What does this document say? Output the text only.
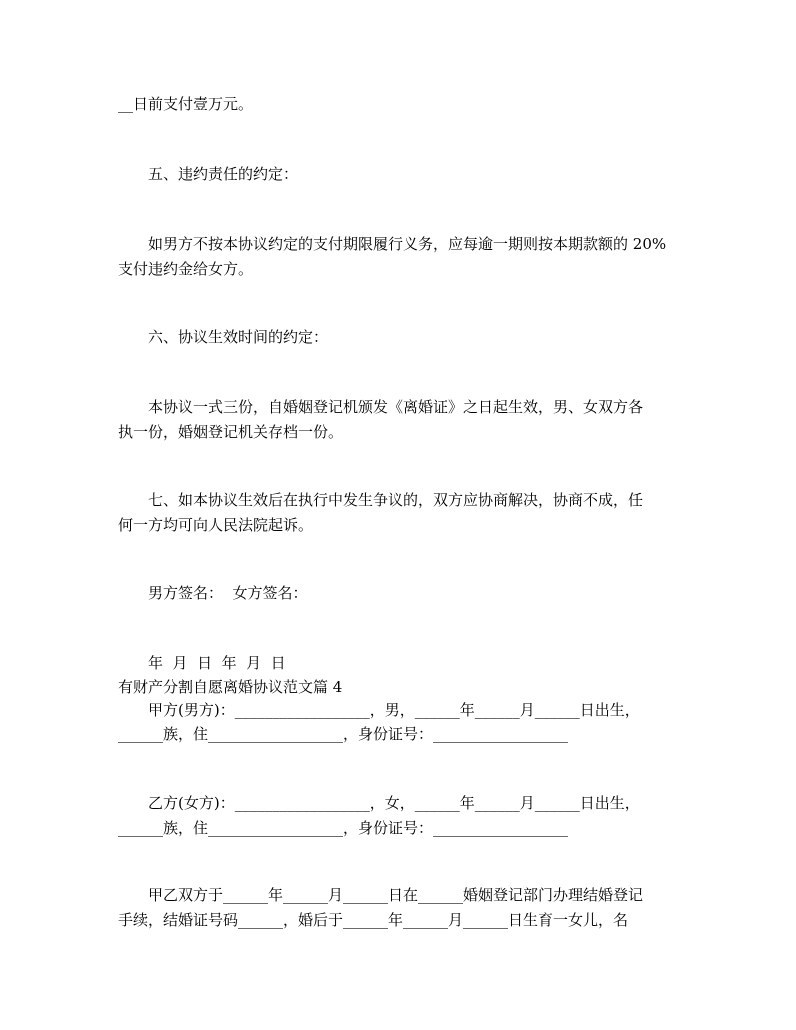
__日前支付壹万元。
五、违约责任的约定：
如男方不按本协议约定的支付期限履行义务，应每逾一期则按本期款额的 20%
支付违约金给女方。
六、协议生效时间的约定：
本协议一式三份，自婚姻登记机颁发《离婚证》之日起生效，男、女双方各
执一份，婚姻登记机关存档一份。
七、如本协议生效后在执行中发生争议的，双方应协商解决，协商不成，任
何一方均可向人民法院起诉。
男方签名：  女方签名：
年  月  日  年  月  日
有财产分割自愿离婚协议范文篇 4
甲方(男方)：__________________，男，______年______月______日出生，
______族，住__________________，身份证号：__________________
乙方(女方)：__________________，女，______年______月______日出生，
______族，住__________________，身份证号：__________________
甲乙双方于______年______月______日在______婚姻登记部门办理结婚登记
手续，结婚证号码______，婚后于______年______月______日生育一女儿，名
